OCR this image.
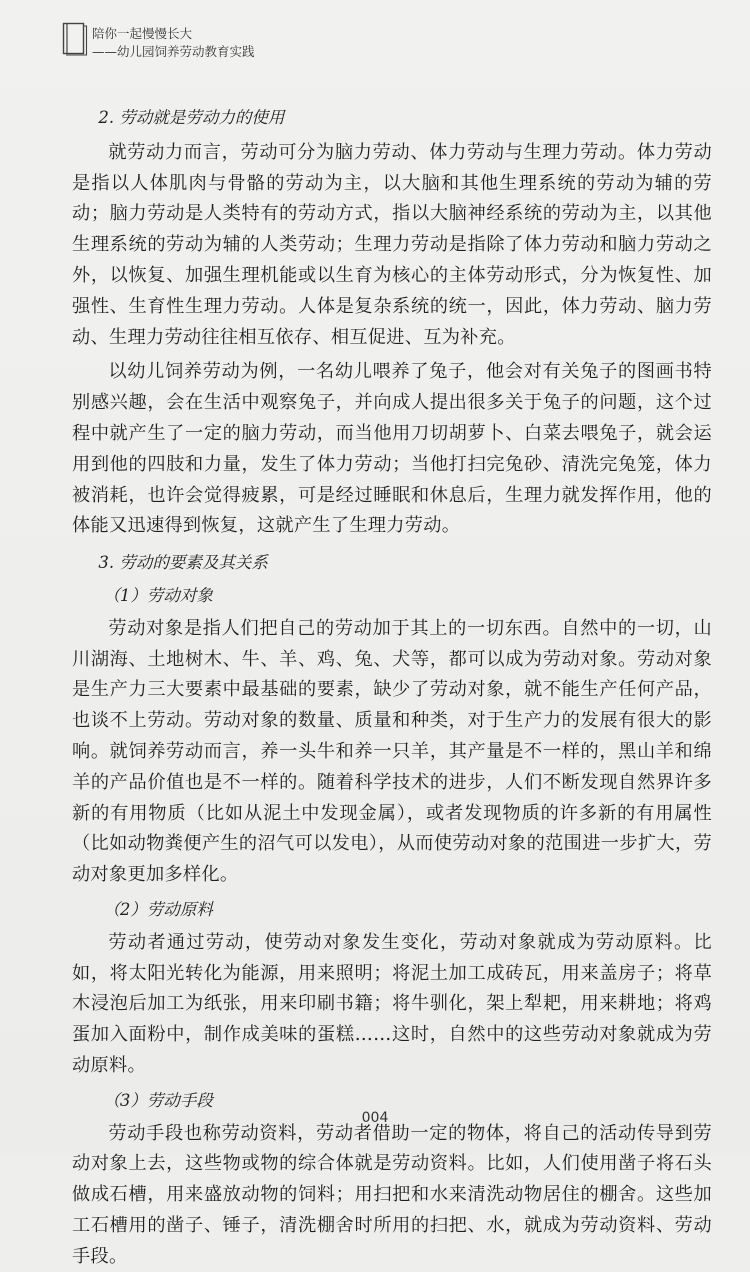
陪你一起慢慢长大
——幼儿园饲养劳动教育实践

2. 劳动就是劳动力的使用

就劳动力而言，劳动可分为脑力劳动、体力劳动与生理力劳动。体力劳动是指以人体肌肉与骨骼的劳动为主，以大脑和其他生理系统的劳动为辅的劳动；脑力劳动是人类特有的劳动方式，指以大脑神经系统的劳动为主，以其他生理系统的劳动为辅的人类劳动；生理力劳动是指除了体力劳动和脑力劳动之外，以恢复、加强生理机能或以生育为核心的主体劳动形式，分为恢复性、加强性、生育性生理力劳动。人体是复杂系统的统一，因此，体力劳动、脑力劳动、生理力劳动往往相互依存、相互促进、互为补充。

以幼儿饲养劳动为例，一名幼儿喂养了兔子，他会对有关兔子的图画书特别感兴趣，会在生活中观察兔子，并向成人提出很多关于兔子的问题，这个过程中就产生了一定的脑力劳动，而当他用刀切胡萝卜、白菜去喂兔子，就会运用到他的四肢和力量，发生了体力劳动；当他打扫完兔砂、清洗完兔笼，体力被消耗，也许会觉得疲累，可是经过睡眠和休息后，生理力就发挥作用，他的体能又迅速得到恢复，这就产生了生理力劳动。

3. 劳动的要素及其关系

（1）劳动对象

劳动对象是指人们把自己的劳动加于其上的一切东西。自然中的一切，山川湖海、土地树木、牛、羊、鸡、兔、犬等，都可以成为劳动对象。劳动对象是生产力三大要素中最基础的要素，缺少了劳动对象，就不能生产任何产品，也谈不上劳动。劳动对象的数量、质量和种类，对于生产力的发展有很大的影响。就饲养劳动而言，养一头牛和养一只羊，其产量是不一样的，黑山羊和绵羊的产品价值也是不一样的。随着科学技术的进步，人们不断发现自然界许多新的有用物质（比如从泥土中发现金属），或者发现物质的许多新的有用属性（比如动物粪便产生的沼气可以发电），从而使劳动对象的范围进一步扩大，劳动对象更加多样化。

（2）劳动原料

劳动者通过劳动，使劳动对象发生变化，劳动对象就成为劳动原料。比如，将太阳光转化为能源，用来照明；将泥土加工成砖瓦，用来盖房子；将草木浸泡后加工为纸张，用来印刷书籍；将牛驯化，架上犁耙，用来耕地；将鸡蛋加入面粉中，制作成美味的蛋糕……这时，自然中的这些劳动对象就成为劳动原料。

（3）劳动手段

劳动手段也称劳动资料，劳动者借助一定的物体，将自己的活动传导到劳动对象上去，这些物或物的综合体就是劳动资料。比如，人们使用凿子将石头做成石槽，用来盛放动物的饲料；用扫把和水来清洗动物居住的棚舍。这些加工石槽用的凿子、锤子，清洗棚舍时所用的扫把、水，就成为劳动资料、劳动手段。

004
